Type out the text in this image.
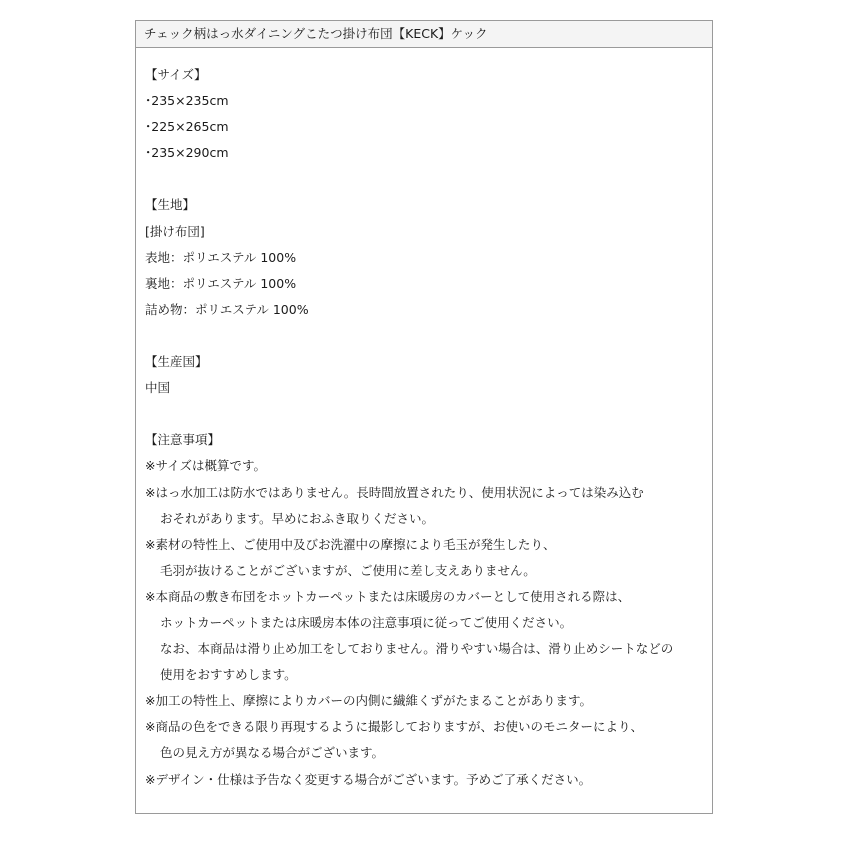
チェック柄はっ水ダイニングこたつ掛け布団【KECK】ケック
【サイズ】
･235×235cm
･225×265cm
･235×290cm
【生地】
[掛け布団]
表地：ポリエステル 100%
裏地：ポリエステル 100%
詰め物：ポリエステル 100%
【生産国】
中国
【注意事項】
※サイズは概算です。
※はっ水加工は防水ではありません。長時間放置されたり、使用状況によっては染み込む
おそれがあります。早めにおふき取りください。
※素材の特性上、ご使用中及びお洗濯中の摩擦により毛玉が発生したり、
毛羽が抜けることがございますが、ご使用に差し支えありません。
※本商品の敷き布団をホットカーペットまたは床暖房のカバーとして使用される際は、
ホットカーペットまたは床暖房本体の注意事項に従ってご使用ください。
なお、本商品は滑り止め加工をしておりません。滑りやすい場合は、滑り止めシートなどの
使用をおすすめします。
※加工の特性上、摩擦によりカバーの内側に繊維くずがたまることがあります。
※商品の色をできる限り再現するように撮影しておりますが、お使いのモニターにより、
色の見え方が異なる場合がございます。
※デザイン・仕様は予告なく変更する場合がございます。予めご了承ください。
